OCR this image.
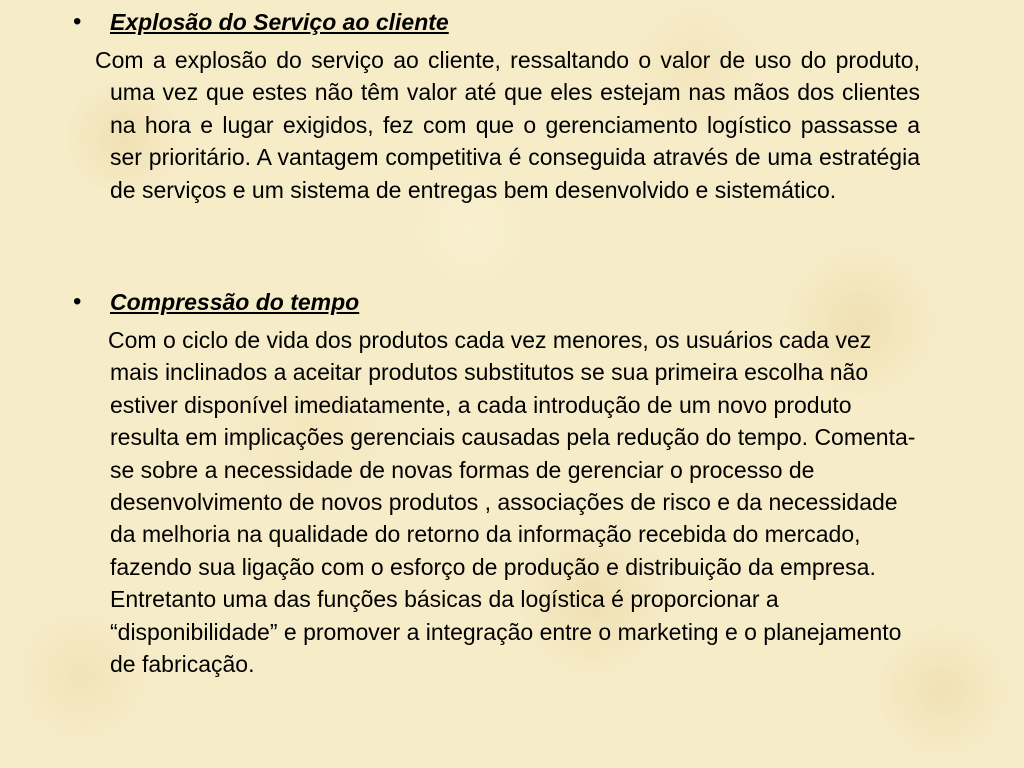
• Explosão do Serviço ao cliente

Com a explosão do serviço ao cliente, ressaltando o valor de uso do produto, uma vez que estes não têm valor até que eles estejam nas mãos dos clientes na hora e lugar exigidos, fez com que o gerenciamento logístico passasse a ser prioritário. A vantagem competitiva é conseguida através de uma estratégia de serviços e um sistema de entregas bem desenvolvido e sistemático.

• Compressão do tempo

Com o ciclo de vida dos produtos cada vez menores, os usuários cada vez mais inclinados a aceitar produtos substitutos se sua primeira escolha não estiver disponível imediatamente, a cada introdução de um novo produto resulta em implicações gerenciais causadas pela redução do tempo. Comenta-se sobre a necessidade de novas formas de gerenciar o processo de desenvolvimento de novos produtos , associações de risco e da necessidade da melhoria na qualidade do retorno da informação recebida do mercado, fazendo sua ligação com o esforço de produção e distribuição da empresa. Entretanto uma das funções básicas da logística é proporcionar a “disponibilidade” e promover a integração entre o marketing e o planejamento de fabricação.
